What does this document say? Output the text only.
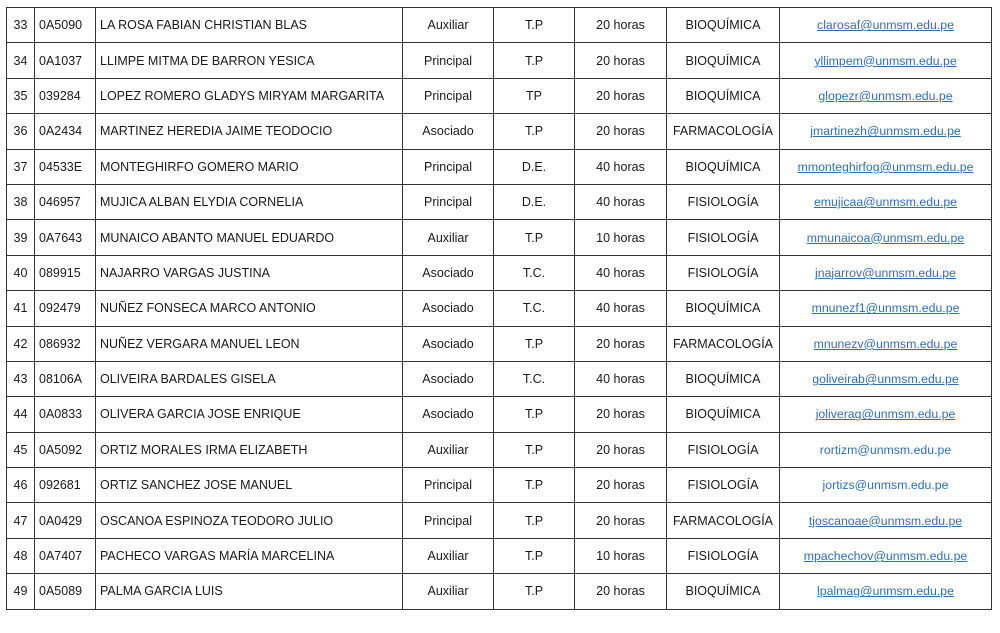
33	0A5090	LA ROSA FABIAN CHRISTIAN BLAS	Auxiliar	T.P	20 horas	BIOQUÍMICA	clarosaf@unmsm.edu.pe
34	0A1037	LLIMPE MITMA DE BARRON YESICA	Principal	T.P	20 horas	BIOQUÍMICA	yllimpem@unmsm.edu.pe
35	039284	LOPEZ ROMERO GLADYS MIRYAM MARGARITA	Principal	TP	20 horas	BIOQUÍMICA	glopezr@unmsm.edu.pe
36	0A2434	MARTINEZ HEREDIA JAIME TEODOCIO	Asociado	T.P	20 horas	FARMACOLOGÍA	jmartinezh@unmsm.edu.pe
37	04533E	MONTEGHIRFO GOMERO MARIO	Principal	D.E.	40 horas	BIOQUÍMICA	mmonteghirfog@unmsm.edu.pe
38	046957	MUJICA ALBAN ELYDIA CORNELIA	Principal	D.E.	40 horas	FISIOLOGÍA	emujicaa@unmsm.edu.pe
39	0A7643	MUNAICO ABANTO MANUEL EDUARDO	Auxiliar	T.P	10 horas	FISIOLOGÍA	mmunaicoa@unmsm.edu.pe
40	089915	NAJARRO VARGAS JUSTINA	Asociado	T.C.	40 horas	FISIOLOGÍA	jnajarrov@unmsm.edu.pe
41	092479	NUÑEZ FONSECA MARCO ANTONIO	Asociado	T.C.	40 horas	BIOQUÍMICA	mnunezf1@unmsm.edu.pe
42	086932	NUÑEZ VERGARA MANUEL LEON	Asociado	T.P	20 horas	FARMACOLOGÍA	mnunezv@unmsm.edu.pe
43	08106A	OLIVEIRA BARDALES GISELA	Asociado	T.C.	40 horas	BIOQUÍMICA	goliveirab@unmsm.edu.pe
44	0A0833	OLIVERA GARCIA JOSE ENRIQUE	Asociado	T.P	20 horas	BIOQUÍMICA	joliverag@unmsm.edu.pe
45	0A5092	ORTIZ MORALES IRMA ELIZABETH	Auxiliar	T.P	20 horas	FISIOLOGÍA	rortizm@unmsm.edu.pe
46	092681	ORTIZ SANCHEZ JOSE MANUEL	Principal	T.P	20 horas	FISIOLOGÍA	jortizs@unmsm.edu.pe
47	0A0429	OSCANOA ESPINOZA TEODORO JULIO	Principal	T.P	20 horas	FARMACOLOGÍA	tjoscanoae@unmsm.edu.pe
48	0A7407	PACHECO VARGAS MARÍA MARCELINA	Auxiliar	T.P	10 horas	FISIOLOGÍA	mpachechov@unmsm.edu.pe
49	0A5089	PALMA GARCIA LUIS	Auxiliar	T.P	20 horas	BIOQUÍMICA	lpalmag@unmsm.edu.pe
